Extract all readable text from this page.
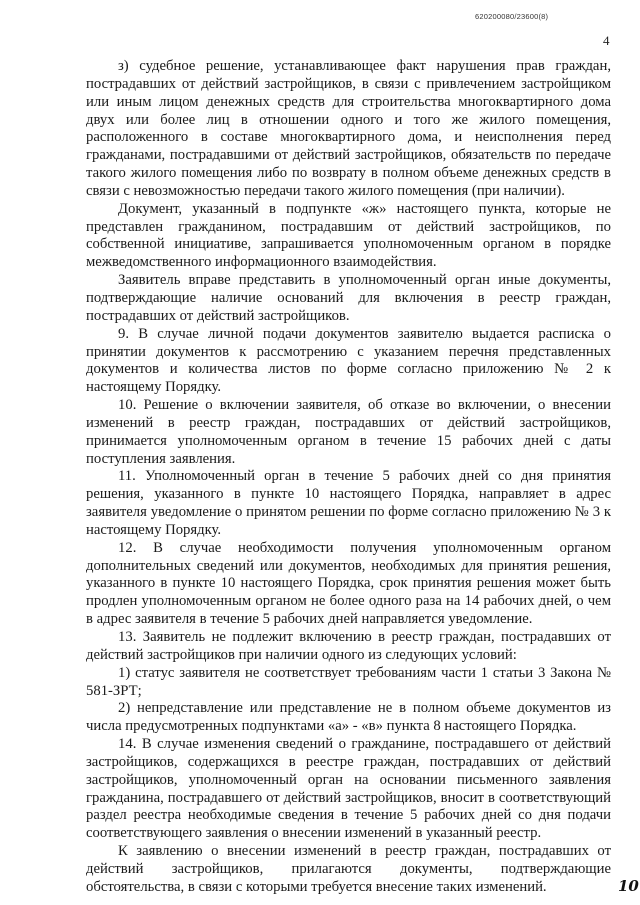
620200080/23600(8)
4

з) судебное решение, устанавливающее факт нарушения прав граждан, пострадавших от действий застройщиков, в связи с привлечением застройщиком или иным лицом денежных средств для строительства многоквартирного дома двух или более лиц в отношении одного и того же жилого помещения, расположенного в составе многоквартирного дома, и неисполнения перед гражданами, пострадавшими от действий застройщиков, обязательств по передаче такого жилого помещения либо по возврату в полном объеме денежных средств в связи с невозможностью передачи такого жилого помещения (при наличии).

Документ, указанный в подпункте «ж» настоящего пункта, которые не представлен гражданином, пострадавшим от действий застройщиков, по собственной инициативе, запрашивается уполномоченным органом в порядке межведомственного информационного взаимодействия.

Заявитель вправе представить в уполномоченный орган иные документы, подтверждающие наличие оснований для включения в реестр граждан, пострадавших от действий застройщиков.

9. В случае личной подачи документов заявителю выдается расписка о принятии документов к рассмотрению с указанием перечня представленных документов и количества листов по форме согласно приложению № 2 к настоящему Порядку.

10. Решение о включении заявителя, об отказе во включении, о внесении изменений в реестр граждан, пострадавших от действий застройщиков, принимается уполномоченным органом в течение 15 рабочих дней с даты поступления заявления.

11. Уполномоченный орган в течение 5 рабочих дней со дня принятия решения, указанного в пункте 10 настоящего Порядка, направляет в адрес заявителя уведомление о принятом решении по форме согласно приложению № 3 к настоящему Порядку.

12. В случае необходимости получения уполномоченным органом дополнительных сведений или документов, необходимых для принятия решения, указанного в пункте 10 настоящего Порядка, срок принятия решения может быть продлен уполномоченным органом не более одного раза на 14 рабочих дней, о чем в адрес заявителя в течение 5 рабочих дней направляется уведомление.

13. Заявитель не подлежит включению в реестр граждан, пострадавших от действий застройщиков при наличии одного из следующих условий:

1) статус заявителя не соответствует требованиям части 1 статьи 3 Закона № 581-ЗРТ;

2) непредставление или представление не в полном объеме документов из числа предусмотренных подпунктами «а» - «в» пункта 8 настоящего Порядка.

14. В случае изменения сведений о гражданине, пострадавшего от действий застройщиков, содержащихся в реестре граждан, пострадавших от действий застройщиков, уполномоченный орган на основании письменного заявления гражданина, пострадавшего от действий застройщиков, вносит в соответствующий раздел реестра необходимые сведения в течение 5 рабочих дней со дня подачи соответствующего заявления о внесении изменений в указанный реестр.

К заявлению о внесении изменений в реестр граждан, пострадавших от действий застройщиков, прилагаются документы, подтверждающие обстоятельства, в связи с которыми требуется внесение таких изменений.	10
